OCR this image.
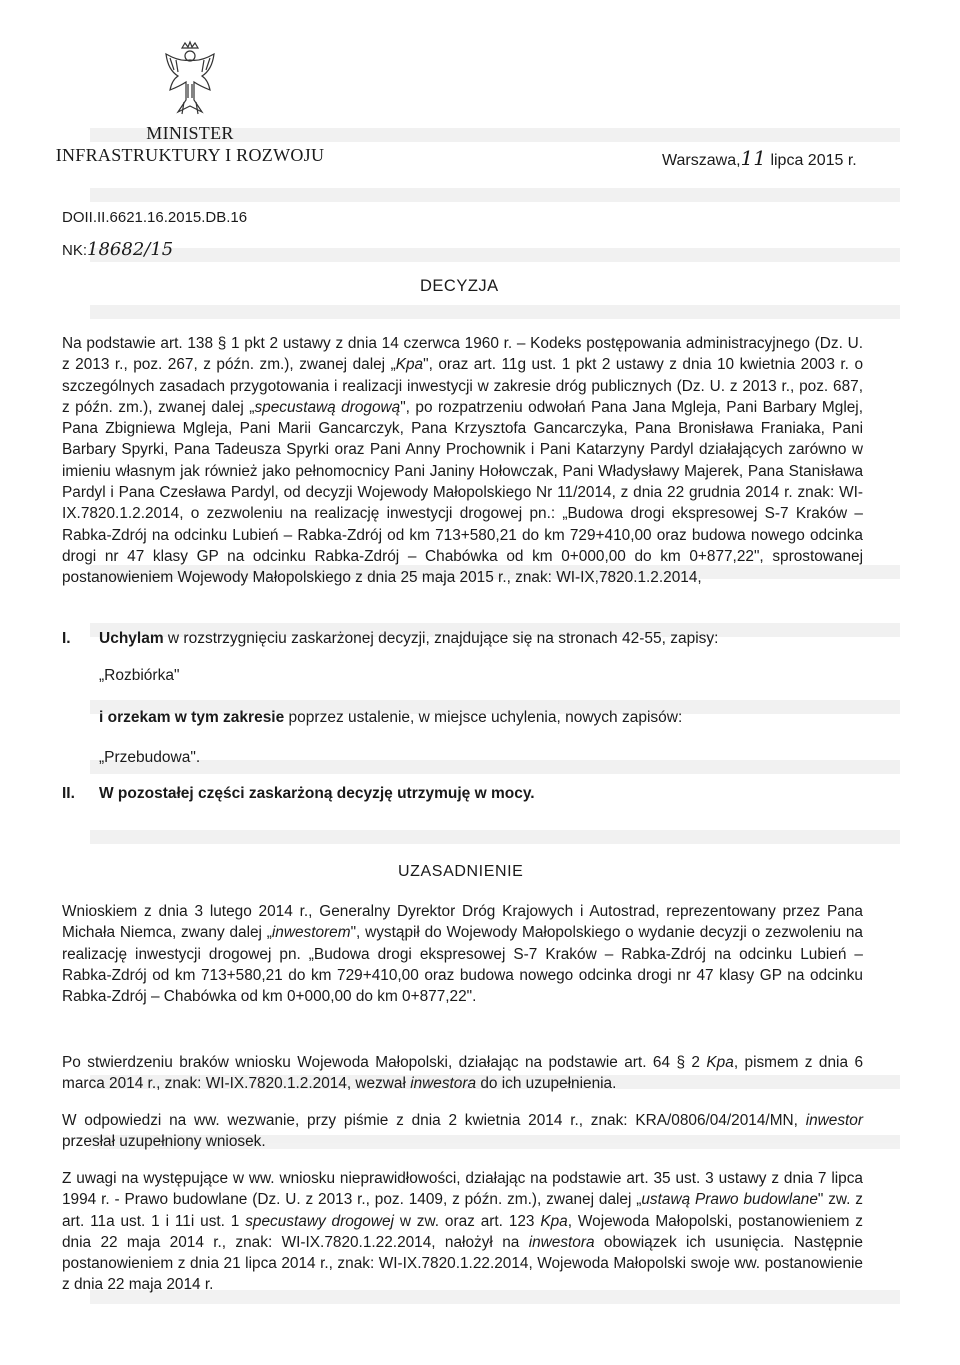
MINISTER
INFRASTRUKTURY I ROZWOJU	Warszawa,11 lipca 2015 r.
DOII.II.6621.16.2015.DB.16
NK:18682/15
DECYZJA

Na podstawie art. 138 § 1 pkt 2 ustawy z dnia 14 czerwca 1960 r. – Kodeks postępowania administracyjnego (Dz. U. z 2013 r., poz. 267, z późn. zm.), zwanej dalej „Kpa", oraz art. 11g ust. 1 pkt 2 ustawy z dnia 10 kwietnia 2003 r. o szczególnych zasadach przygotowania i realizacji inwestycji w zakresie dróg publicznych (Dz. U. z 2013 r., poz. 687, z późn. zm.), zwanej dalej „specustawą drogową", po rozpatrzeniu odwołań Pana Jana Mgleja, Pani Barbary Mglej, Pana Zbigniewa Mgleja, Pani Marii Gancarczyk, Pana Krzysztofa Gancarczyka, Pana Bronisława Franiaka, Pani Barbary Spyrki, Pana Tadeusza Spyrki oraz Pani Anny Prochownik i Pani Katarzyny Pardyl działających zarówno w imieniu własnym jak również jako pełnomocnicy Pani Janiny Hołowczak, Pani Władysławy Majerek, Pana Stanisława Pardyl i Pana Czesława Pardyl, od decyzji Wojewody Małopolskiego Nr 11/2014, z dnia 22 grudnia 2014 r. znak: WI-IX.7820.1.2.2014, o zezwoleniu na realizację inwestycji drogowej pn.: „Budowa drogi ekspresowej S-7 Kraków – Rabka-Zdrój na odcinku Lubień – Rabka-Zdrój od km 713+580,21 do km 729+410,00 oraz budowa nowego odcinka drogi nr 47 klasy GP na odcinku Rabka-Zdrój – Chabówka od km 0+000,00 do km 0+877,22", sprostowanej postanowieniem Wojewody Małopolskiego z dnia 25 maja 2015 r., znak: WI-IX,7820.1.2.2014,

I. Uchylam w rozstrzygnięciu zaskarżonej decyzji, znajdujące się na stronach 42-55, zapisy:
„Rozbiórka"
i orzekam w tym zakresie poprzez ustalenie, w miejsce uchylenia, nowych zapisów:
„Przebudowa".
II. W pozostałej części zaskarżoną decyzję utrzymuję w mocy.
UZASADNIENIE

Wnioskiem z dnia 3 lutego 2014 r., Generalny Dyrektor Dróg Krajowych i Autostrad, reprezentowany przez Pana Michała Niemca, zwany dalej „inwestorem", wystąpił do Wojewody Małopolskiego o wydanie decyzji o zezwoleniu na realizację inwestycji drogowej pn. „Budowa drogi ekspresowej S-7 Kraków – Rabka-Zdrój na odcinku Lubień – Rabka-Zdrój od km 713+580,21 do km 729+410,00 oraz budowa nowego odcinka drogi nr 47 klasy GP na odcinku Rabka-Zdrój – Chabówka od km 0+000,00 do km 0+877,22".

Po stwierdzeniu braków wniosku Wojewoda Małopolski, działając na podstawie art. 64 § 2 Kpa, pismem z dnia 6 marca 2014 r., znak: WI-IX.7820.1.2.2014, wezwał inwestora do ich uzupełnienia.

W odpowiedzi na ww. wezwanie, przy piśmie z dnia 2 kwietnia 2014 r., znak: KRA/0806/04/2014/MN, inwestor przesłał uzupełniony wniosek.

Z uwagi na występujące w ww. wniosku nieprawidłowości, działając na podstawie art. 35 ust. 3 ustawy z dnia 7 lipca 1994 r. - Prawo budowlane (Dz. U. z 2013 r., poz. 1409, z późn. zm.), zwanej dalej „ustawą Prawo budowlane" zw. z art. 11a ust. 1 i 11i ust. 1 specustawy drogowej w zw. oraz art. 123 Kpa, Wojewoda Małopolski, postanowieniem z dnia 22 maja 2014 r., znak: WI-IX.7820.1.22.2014, nałożył na inwestora obowiązek ich usunięcia. Następnie postanowieniem z dnia 21 lipca 2014 r., znak: WI-IX.7820.1.22.2014, Wojewoda Małopolski swoje ww. postanowienie z dnia 22 maja 2014 r.
